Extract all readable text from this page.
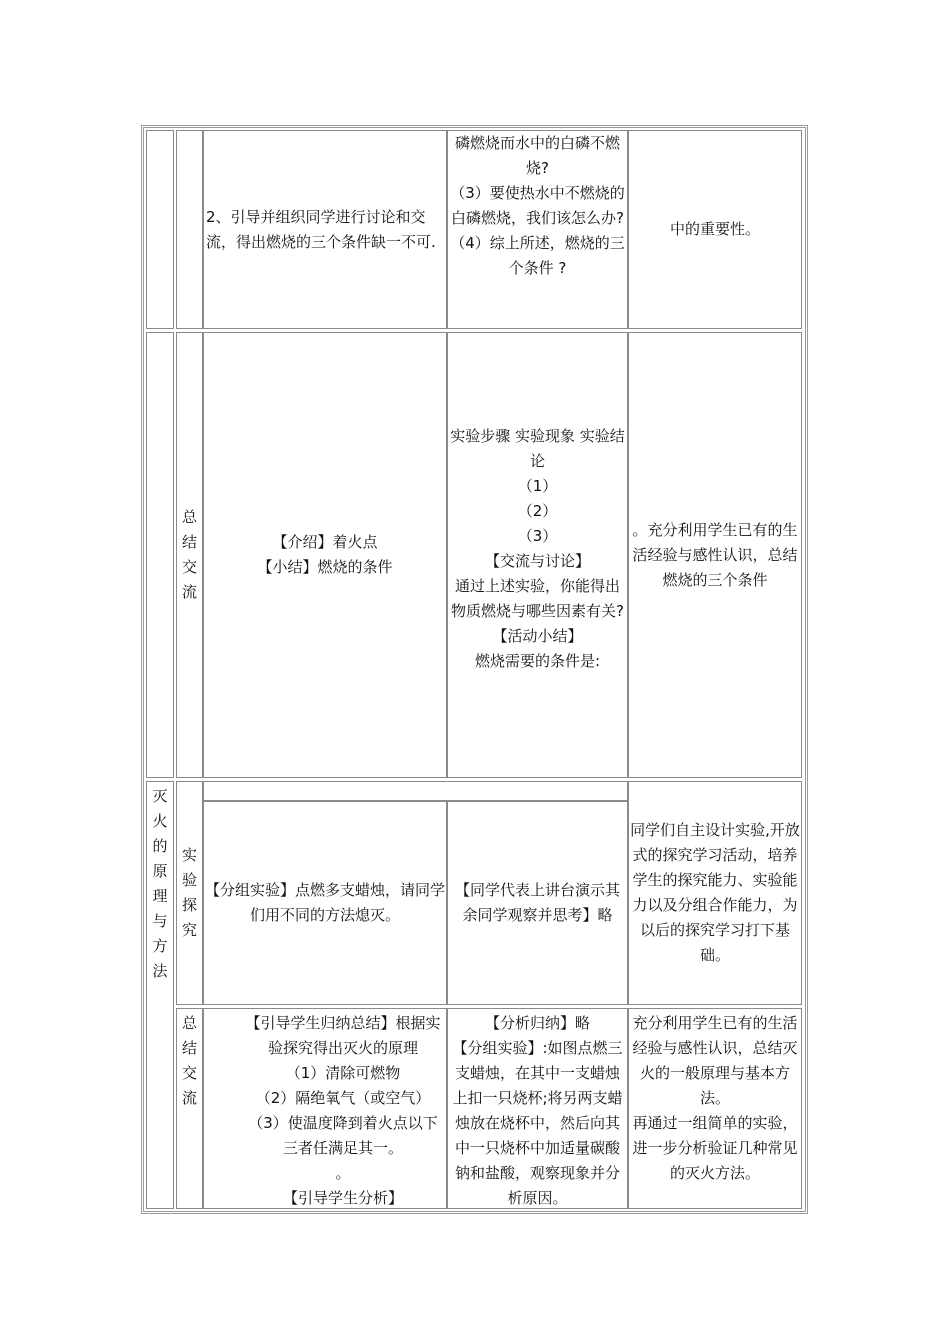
2、引导并组织同学进行讨论和交流，得出燃烧的三个条件缺一不可.
磷燃烧而水中的白磷不燃烧?
（3）要使热水中不燃烧的白磷燃烧，我们该怎么办?
（4）综上所述，燃烧的三个条件 ?
中的重要性。
总
结
交
流
【介绍】着火点
【小结】燃烧的条件
实验步骤 实验现象 实验结论
（1）
（2）
（3）
【交流与讨论】
通过上述实验，你能得出物质燃烧与哪些因素有关?
【活动小结】
燃烧需要的条件是:
。充分利用学生已有的生活经验与感性认识，总结燃烧的三个条件
灭
火
的
原
理
与
方
法
实
验
探
究
【分组实验】点燃多支蜡烛，请同学们用不同的方法熄灭。
【同学代表上讲台演示其余同学观察并思考】略
同学们自主设计实验,开放式的探究学习活动，培养学生的探究能力、实验能力以及分组合作能力，为以后的探究学习打下基础。
总
结
交
流
【引导学生归纳总结】根据实验探究得出灭火的原理
（1）清除可燃物
（2）隔绝氧气（或空气）
（3）使温度降到着火点以下
三者任满足其一。
。
【引导学生分析】
【分析归纳】略
【分组实验】:如图点燃三支蜡烛，在其中一支蜡烛上扣一只烧杯;将另两支蜡烛放在烧杯中，然后向其中一只烧杯中加适量碳酸钠和盐酸，观察现象并分析原因。
充分利用学生已有的生活经验与感性认识，总结灭火的一般原理与基本方法。
再通过一组简单的实验，进一步分析验证几种常见的灭火方法。
